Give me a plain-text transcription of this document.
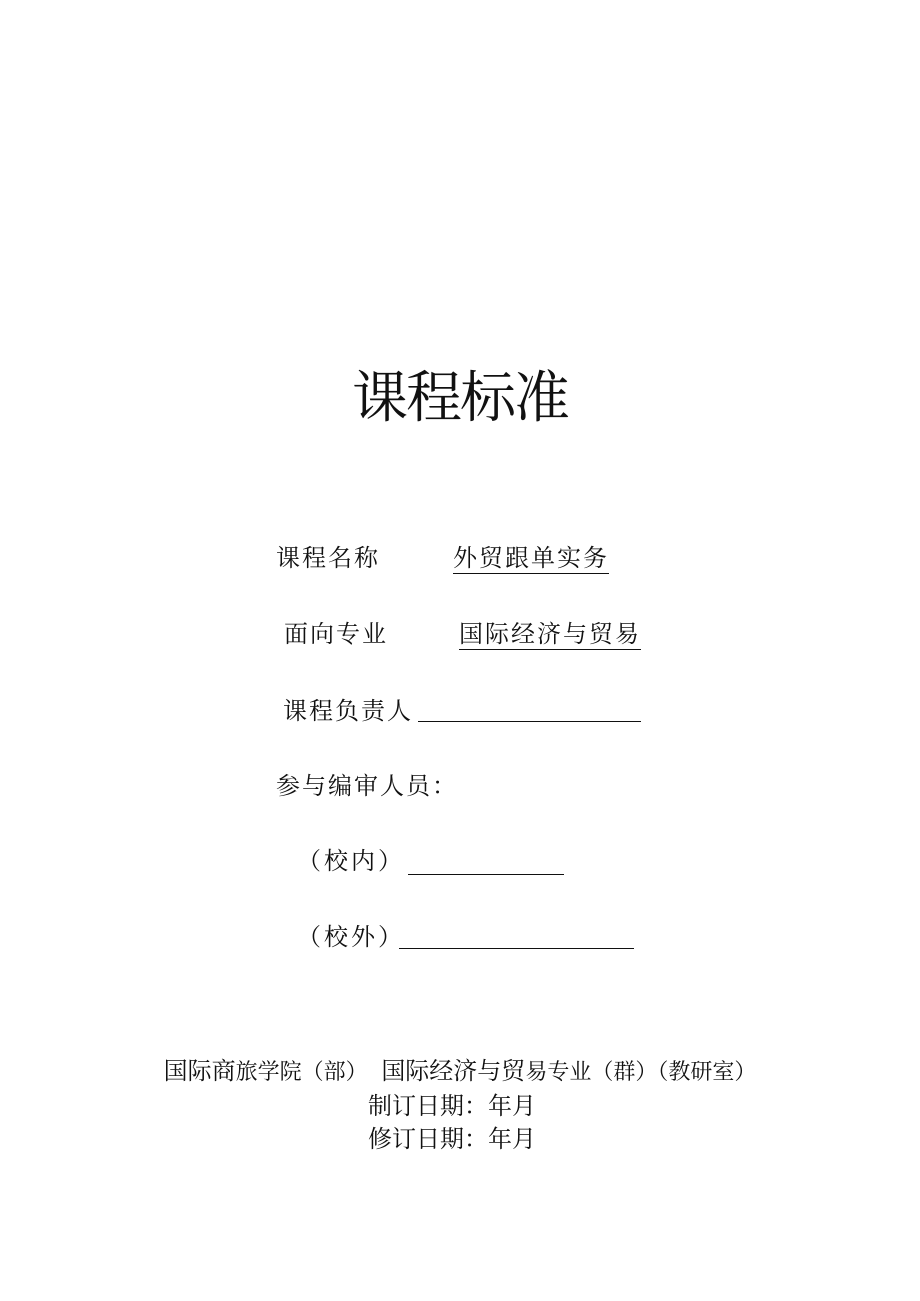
课程标准
课程名称	外贸跟单实务
面向专业	国际经济与贸易
课程负责人
参与编审人员：
（校内）
（校外）
国际商旅学院（部） 国际经济与贸易专业（群）（教研室）
制订日期：年月
修订日期：年月
